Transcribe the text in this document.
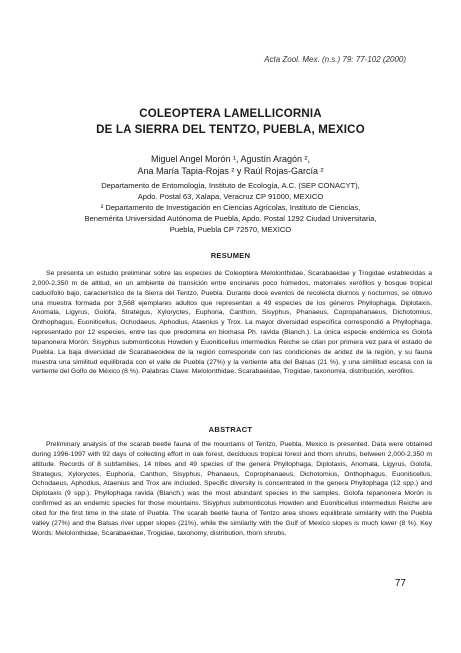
Acta Zool. Mex. (n.s.) 79: 77-102 (2000)
COLEOPTERA LAMELLICORNIA
DE LA SIERRA DEL TENTZO, PUEBLA, MEXICO
Miguel Angel Morón ¹, Agustín Aragón ²,
Ana María Tapia-Rojas ² y Raúl Rojas-García ²
Departamento de Entomología, Instituto de Ecología, A.C. (SEP CONACYT),
Apdo. Postal 63, Xalapa, Veracruz CP 91000, MEXICO
² Departamento de Investigación en Ciencias Agrícolas, Instituto de Ciencias,
Benemérita Universidad Autónoma de Puebla, Apdo. Postal 1292 Ciudad Universitaria,
Puebla, Puebla CP 72570, MEXICO
RESUMEN

Se presenta un estudio preliminar sobre las especies de Coleoptera Melolonthidae, Scarabaeidae y Trogidae establecidas a 2,000-2,350 m de altitud, en un ambiente de transición entre encinares poco húmedos, matorrales xerófilos y bosque tropical caducifolio bajo, característico de la Sierra del Tentzo, Puebla. Durante doce eventos de recolecta diurnos y nocturnos, se obtuvo una muestra formada por 3,568 ejemplares adultos que representan a 49 especies de los géneros Phyllophaga, Diplotaxis, Anomala, Ligyrus, Golofa, Strategus, Xyloryctes, Euphoria, Canthon, Sisyphus, Phanaeus, Copropahanaeus, Dichotomius, Onthophagus, Euoniticellus, Ochodaeus, Aphodius, Ataenius y Trox. La mayor diversidad específica correspondió a Phyllophaga, representado por 12 especies, entre las que predomina en biomasa Ph. ravida (Blanch.). La única especie endémica es Golofa tepanonera Morón. Sisyphus submonticolus Howden y Euoniticellus intermedius Reiche se citan por primera vez para el estado de Puebla. La baja diversidad de Scarabaeoidea de la región corresponde con las condiciones de aridez de la región, y su fauna muestra una similitud equilibrada con el valle de Puebla (27%) y la vertiente alta del Balsas (21 %), y una similitud escasa con la vertiente del Golfo de México (8 %). Palabras Clave: Melolonthidae, Scarabaeidae, Trogidae, taxonomía, distribución, xerófilos.

ABSTRACT

Preliminary analysis of the scarab beetle fauna of the mountains of Tentzo, Puebla, Mexico is presented. Data were obtained during 1996-1997 with 92 days of collecting effort in oak forest, deciduous tropical forest and thorn shrubs, between 2,000-2,350 m altitude. Records of 8 subfamilies, 14 tribes and 49 species of the genera Phyllophaga, Diplotaxis, Anomala, Ligyrus, Golofa, Strategus, Xyloryctes, Euphoria, Canthon, Sisyphus, Phanaeus, Coprophanaeus, Dichotomius, Onthophagus, Euoniticellus, Ochodaeus, Aphodius, Ataenius and Trox are included. Specific diversity is concentrated in the genera Phyllophaga (12 spp.) and Diplotaxis (9 spp.). Phyllophaga ravida (Blanch.) was the most abundant species in the samples. Golofa tepanonera Morón is confirmed as an endemic species for those mountains. Sisyphus submonticolus Howden and Euoniticellus intermedius Reiche are cited for the first time in the state of Puebla. The scarab beetle fauna of Tentzo area shows equilibrate similarity with the Puebla valley (27%) and the Balsas river upper slopes (21%), while the similarity with the Gulf of Mexico slopes is much lower (8 %). Key Words: Melolonthidae, Scarabaeidae, Trogidae, taxonomy, distribution, thorn shrubs.

77
